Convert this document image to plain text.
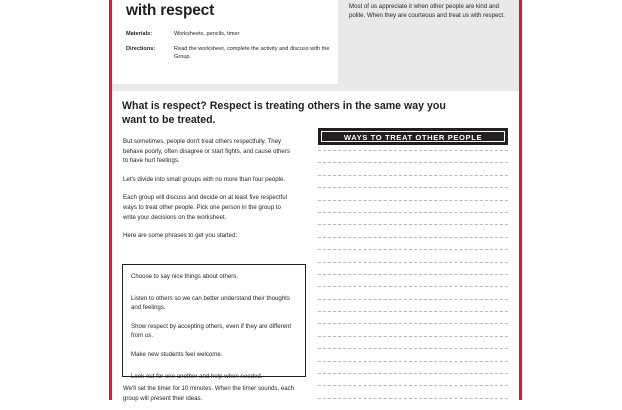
with respect
Materials:	Worksheets, pencils, timer
Directions:	Read the worksheet, complete the activity and discuss with the Group.
Most of us appreciate it when other people are kind and polite. When they are courteous and treat us with respect.
What is respect? Respect is treating others in the same way you want to be treated.

But sometimes, people don't treat others respectfully. They behave poorly, often disagree or start fights, and cause others to have hurt feelings.

Let's divide into small groups with no more than four people.

Each group will discuss and decide on at least five respectful ways to treat other people. Pick one person in the group to write your decisions on the worksheet.

Here are some phrases to get you started:

Choose to say nice things about others.

Listen to others so we can better understand their thoughts and feelings.

Show respect by accepting others, even if they are different from us.

Make new students feel welcome.

Look out for one another and help when needed.

We'll set the timer for 10 minutes. When the timer sounds, each group will present their ideas.
WAYS TO TREAT OTHER PEOPLE
